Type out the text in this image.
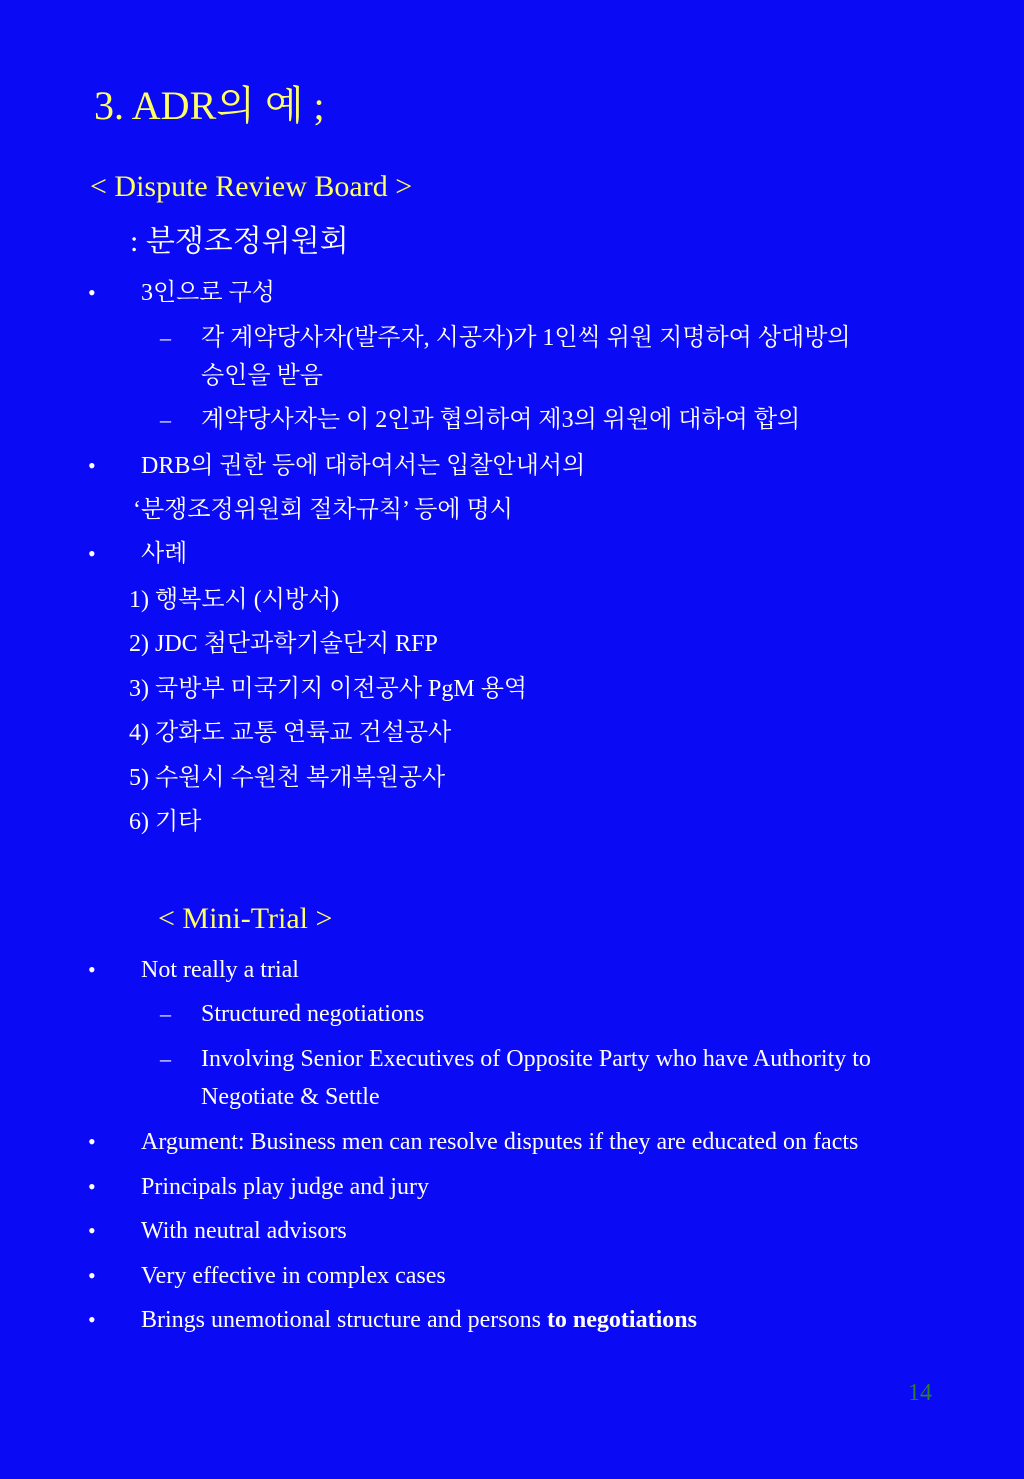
3. ADR의 예 ;
< Dispute Review Board >
: 분쟁조정위원회
• 3인으로 구성
– 각 계약당사자(발주자, 시공자)가 1인씩 위원 지명하여 상대방의
승인을 받음
– 계약당사자는 이 2인과 협의하여 제3의 위원에 대하여 합의
• DRB의 권한 등에 대하여서는 입찰안내서의
‘분쟁조정위원회 절차규칙’ 등에 명시
• 사례
1) 행복도시 (시방서)
2) JDC 첨단과학기술단지 RFP
3) 국방부 미국기지 이전공사 PgM 용역
4) 강화도 교통 연륙교 건설공사
5) 수원시 수원천 복개복원공사
6) 기타
< Mini-Trial >
• Not really a trial
– Structured negotiations
– Involving Senior Executives of Opposite Party who have Authority to
Negotiate & Settle
• Argument: Business men can resolve disputes if they are educated on facts
• Principals play judge and jury
• With neutral advisors
• Very effective in complex cases
• Brings unemotional structure and persons to negotiations
14
